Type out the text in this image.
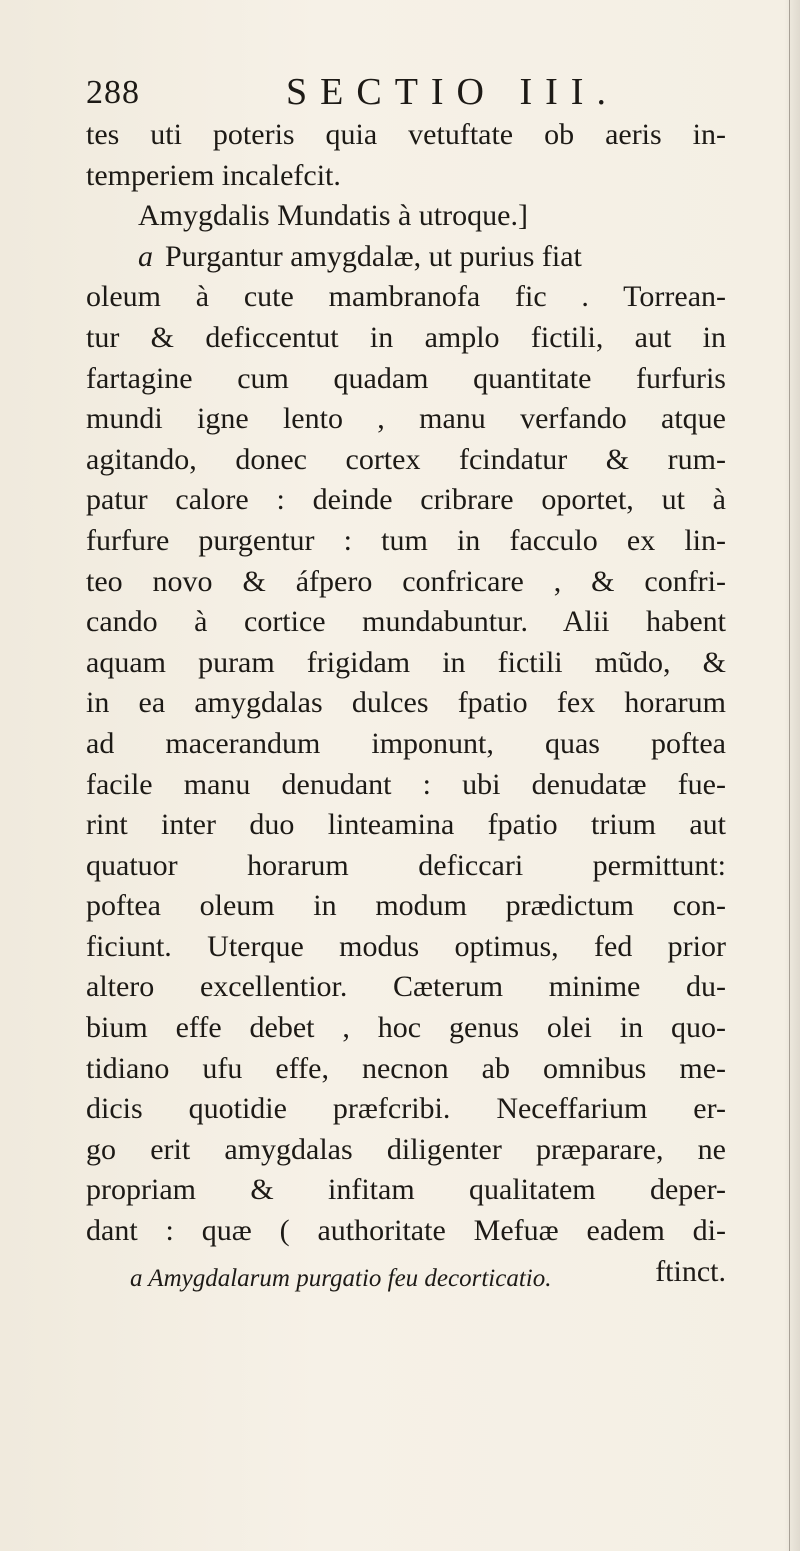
288	SECTIO III.
tes uti poteris quia vetuftate ob aeris in-
temperiem incalefcit.
Amygdalis Mundatis à utroque.]
a Purgantur amygdalæ, ut purius fiat
oleum à cute mambranofa fic . Torrean-
tur & deficcentut in amplo fictili, aut in
fartagine cum quadam quantitate furfuris
mundi igne lento , manu verfando atque
agitando, donec cortex fcindatur & rum-
patur calore : deinde cribrare oportet, ut à
furfure purgentur : tum in facculo ex lin-
teo novo & áfpero confricare , & confri-
cando à cortice mundabuntur. Alii habent
aquam puram frigidam in fictili mũdo, &
in ea amygdalas dulces fpatio fex horarum
ad macerandum imponunt, quas poftea
facile manu denudant : ubi denudatæ fue-
rint inter duo linteamina fpatio trium aut
quatuor horarum deficcari permittunt:
poftea oleum in modum prædictum con-
ficiunt. Uterque modus optimus, fed prior
altero excellentior. Cæterum minime du-
bium effe debet , hoc genus olei in quo-
tidiano ufu effe, necnon ab omnibus me-
dicis quotidie præfcribi. Neceffarium er-
go erit amygdalas diligenter præparare, ne
propriam & infitam qualitatem deper-
dant : quæ ( authoritate Mefuæ eadem di-
ftinct.
a Amygdalarum purgatio feu decorticatio.
